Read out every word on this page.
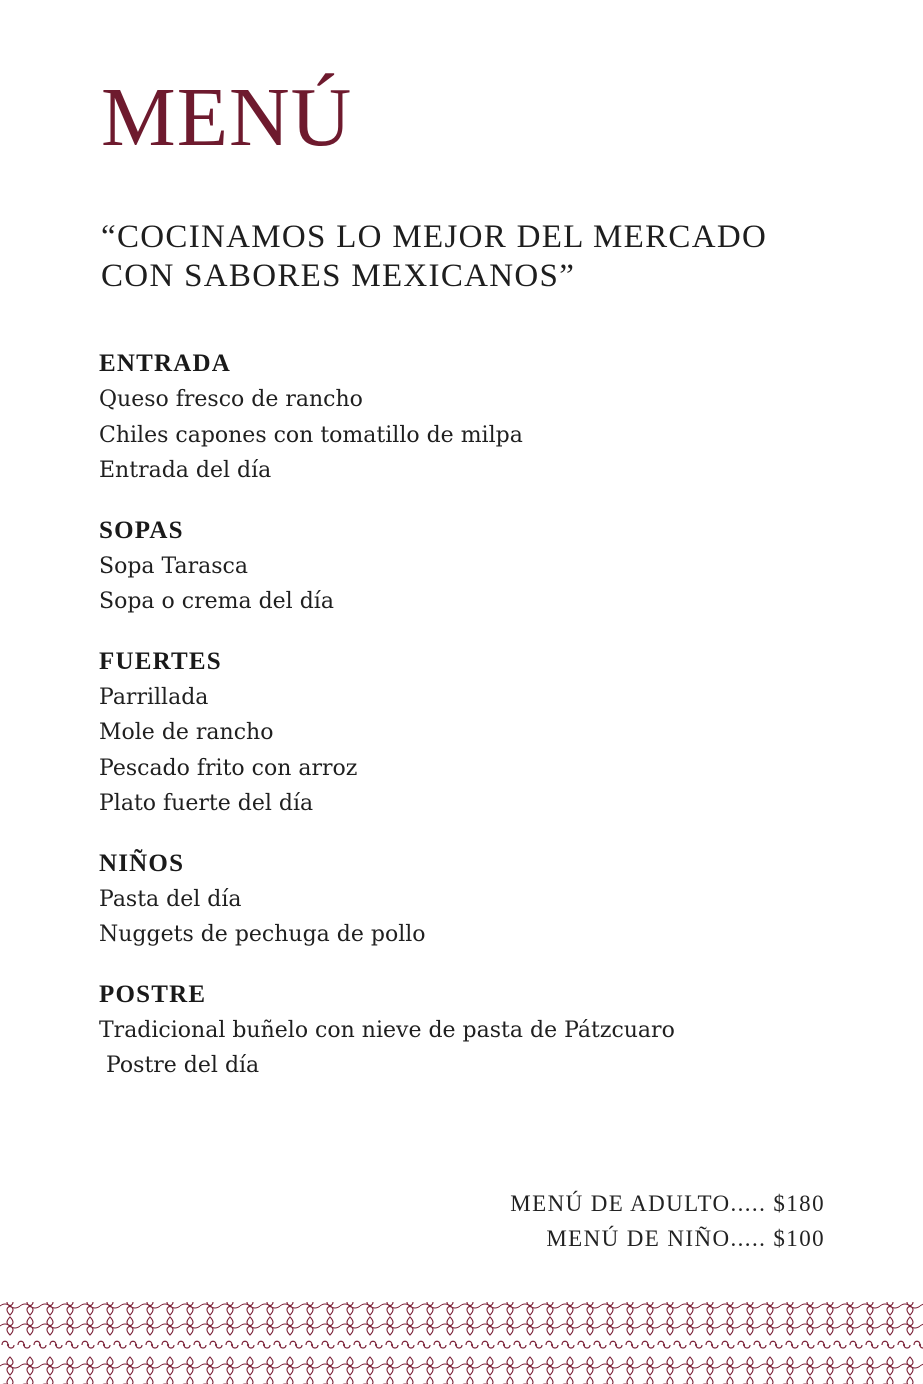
MENÚ

“COCINAMOS LO MEJOR DEL MERCADO
CON SABORES MEXICANOS”

ENTRADA
Queso fresco de rancho
Chiles capones con tomatillo de milpa
Entrada del día
SOPAS
Sopa Tarasca
Sopa o crema del día
FUERTES
Parrillada
Mole de rancho
Pescado frito con arroz
Plato fuerte del día
NIÑOS
Pasta del día
Nuggets de pechuga de pollo
POSTRE
Tradicional buñelo con nieve de pasta de Pátzcuaro
Postre del día
MENÚ DE ADULTO..... $180
MENÚ DE NIÑO..... $100
